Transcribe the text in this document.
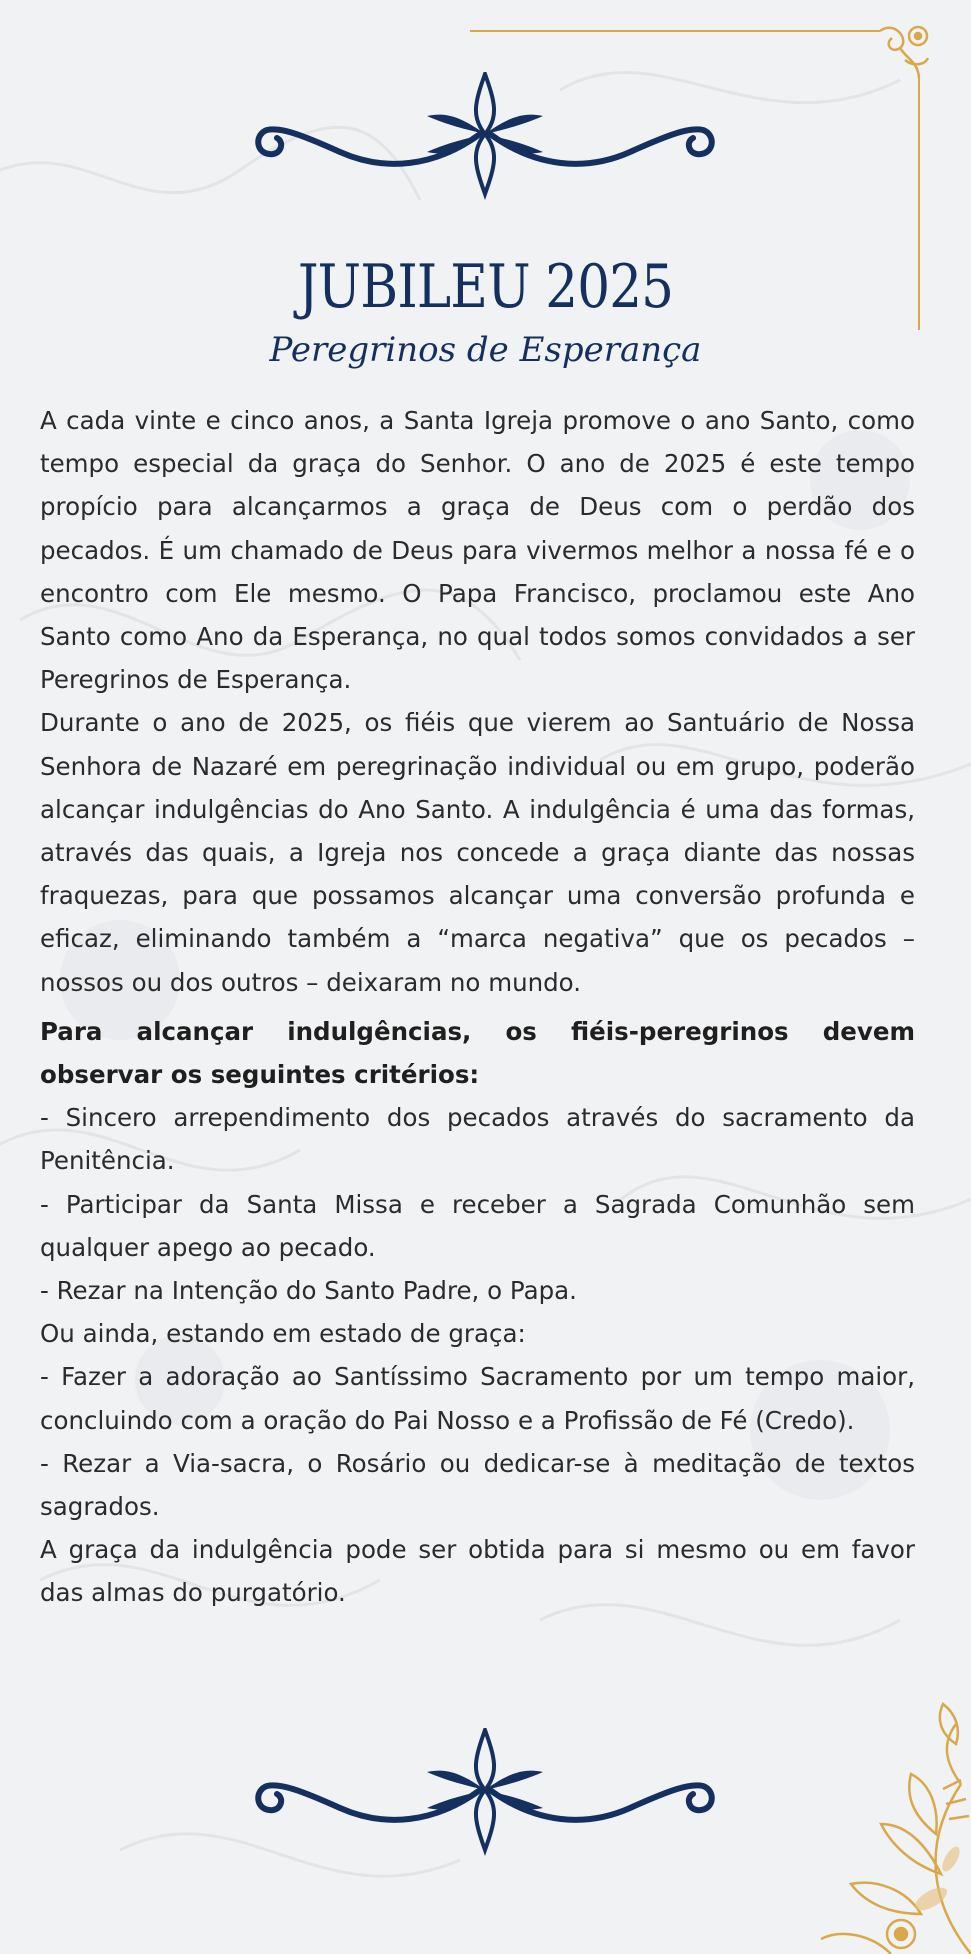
JUBILEU 2025
Peregrinos de Esperança

A cada vinte e cinco anos, a Santa Igreja promove o ano Santo, como tempo especial da graça do Senhor. O ano de 2025 é este tempo propício para alcançarmos a graça de Deus com o perdão dos pecados. É um chamado de Deus para vivermos melhor a nossa fé e o encontro com Ele mesmo. O Papa Francisco, proclamou este Ano Santo como Ano da Esperança, no qual todos somos convidados a ser Peregrinos de Esperança.

Durante o ano de 2025, os fiéis que vierem ao Santuário de Nossa Senhora de Nazaré em peregrinação individual ou em grupo, poderão alcançar indulgências do Ano Santo. A indulgência é uma das formas, através das quais, a Igreja nos concede a graça diante das nossas fraquezas, para que possamos alcançar uma conversão profunda e eficaz, eliminando também a “marca negativa” que os pecados – nossos ou dos outros – deixaram no mundo.

Para alcançar indulgências, os fiéis-peregrinos devem observar os seguintes critérios:

- Sincero arrependimento dos pecados através do sacramento da Penitência.

- Participar da Santa Missa e receber a Sagrada Comunhão sem qualquer apego ao pecado.

- Rezar na Intenção do Santo Padre, o Papa.

Ou ainda, estando em estado de graça:

- Fazer a adoração ao Santíssimo Sacramento por um tempo maior, concluindo com a oração do Pai Nosso e a Profissão de Fé (Credo).

- Rezar a Via-sacra, o Rosário ou dedicar-se à meditação de textos sagrados.

A graça da indulgência pode ser obtida para si mesmo ou em favor das almas do purgatório.
